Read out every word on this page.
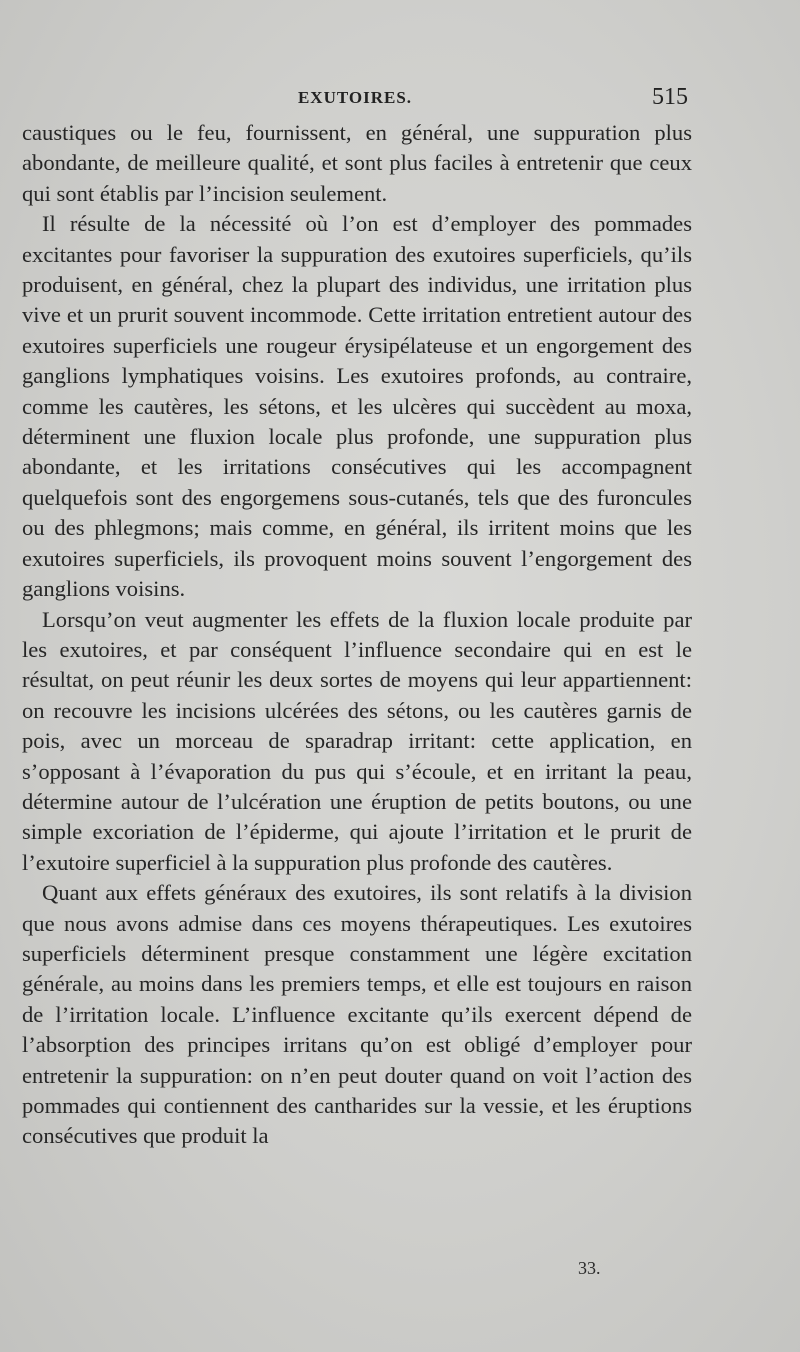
EXUTOIRES.	515

caustiques ou le feu, fournissent, en général, une suppuration plus abondante, de meilleure qualité, et sont plus faciles à entretenir que ceux qui sont établis par l’incision seulement.

Il résulte de la nécessité où l’on est d’employer des pommades excitantes pour favoriser la suppuration des exutoires superficiels, qu’ils produisent, en général, chez la plupart des individus, une irritation plus vive et un prurit souvent incommode. Cette irritation entretient autour des exutoires superficiels une rougeur érysipélateuse et un engorgement des ganglions lymphatiques voisins. Les exutoires profonds, au contraire, comme les cautères, les sétons, et les ulcères qui succèdent au moxa, déterminent une fluxion locale plus profonde, une suppuration plus abondante, et les irritations consécutives qui les accompagnent quelquefois sont des engorgemens sous-cutanés, tels que des furoncules ou des phlegmons; mais comme, en général, ils irritent moins que les exutoires superficiels, ils provoquent moins souvent l’engorgement des ganglions voisins.

Lorsqu’on veut augmenter les effets de la fluxion locale produite par les exutoires, et par conséquent l’influence secondaire qui en est le résultat, on peut réunir les deux sortes de moyens qui leur appartiennent: on recouvre les incisions ulcérées des sétons, ou les cautères garnis de pois, avec un morceau de sparadrap irritant: cette application, en s’opposant à l’évaporation du pus qui s’écoule, et en irritant la peau, détermine autour de l’ulcération une éruption de petits boutons, ou une simple excoriation de l’épiderme, qui ajoute l’irritation et le prurit de l’exutoire superficiel à la suppuration plus profonde des cautères.

Quant aux effets généraux des exutoires, ils sont relatifs à la division que nous avons admise dans ces moyens thérapeutiques. Les exutoires superficiels déterminent presque constamment une légère excitation générale, au moins dans les premiers temps, et elle est toujours en raison de l’irritation locale. L’influence excitante qu’ils exercent dépend de l’absorption des principes irritans qu’on est obligé d’employer pour entretenir la suppuration: on n’en peut douter quand on voit l’action des pommades qui contiennent des cantharides sur la vessie, et les éruptions consécutives que produit la

33.
